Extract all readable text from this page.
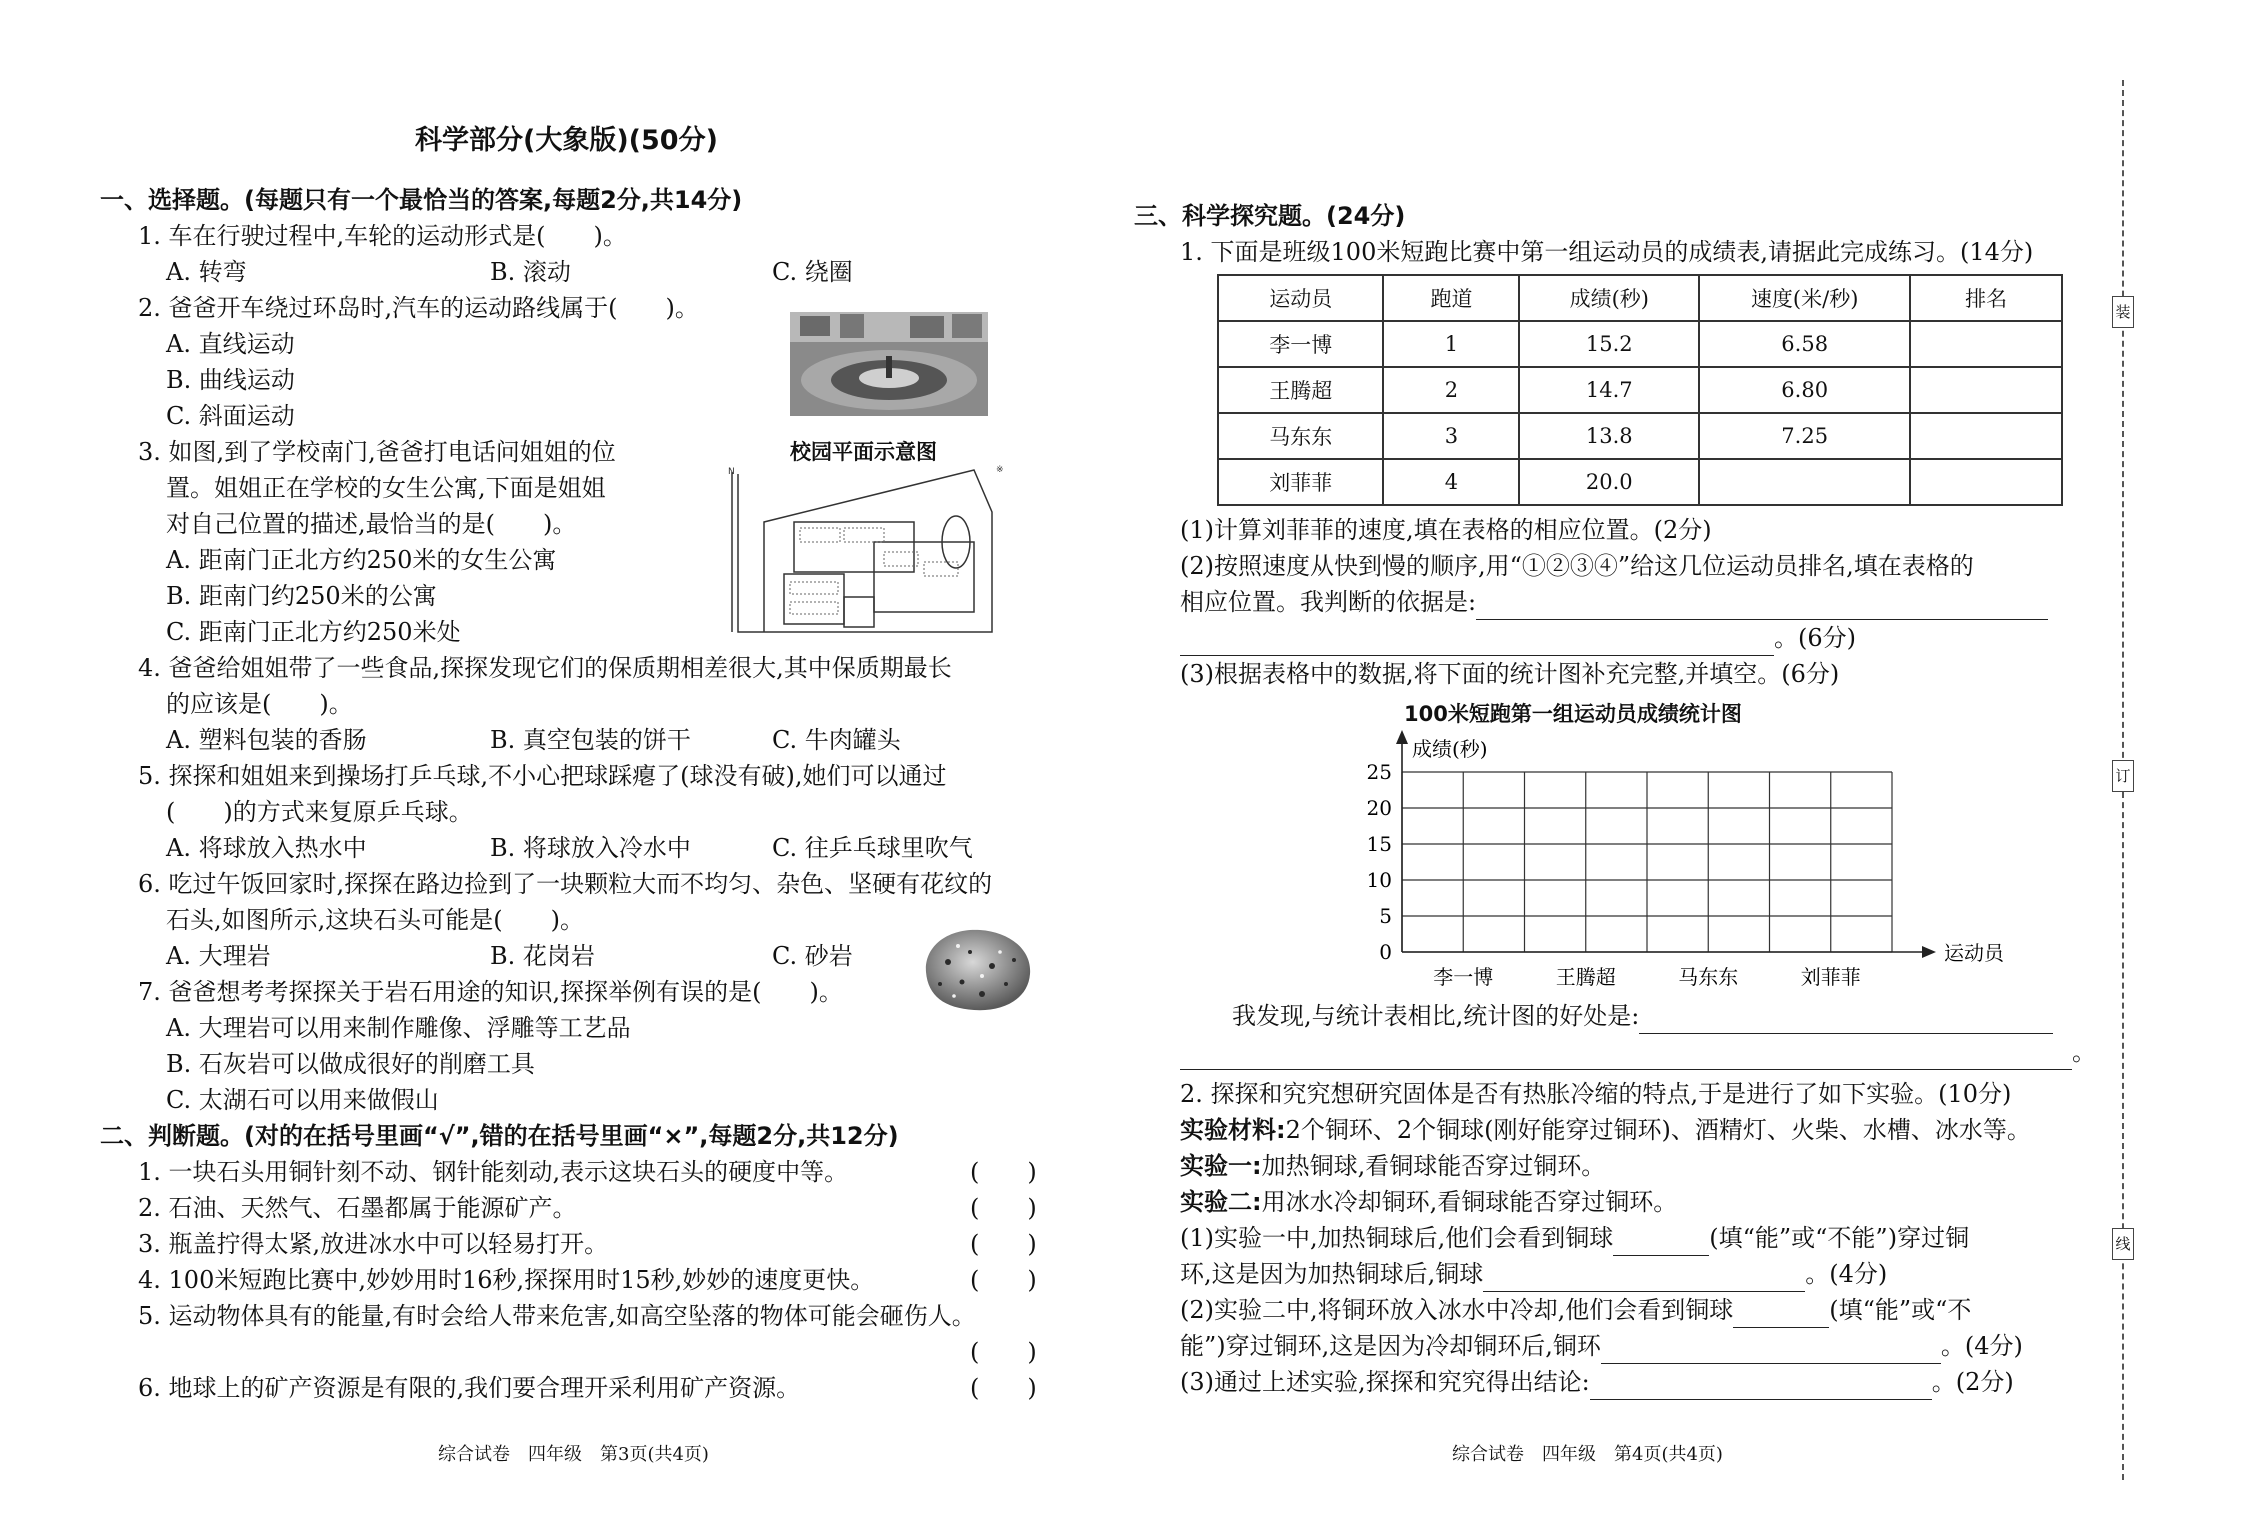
科学部分(大象版)(50分)
一、选择题。(每题只有一个最恰当的答案,每题2分,共14分)
1. 车在行驶过程中,车轮的运动形式是(　　)。
A. 转弯	B. 滚动	C. 绕圈
2. 爸爸开车绕过环岛时,汽车的运动路线属于(　　)。
A. 直线运动
B. 曲线运动
C. 斜面运动
3. 如图,到了学校南门,爸爸打电话问姐姐的位
置。姐姐正在学校的女生公寓,下面是姐姐
对自己位置的描述,最恰当的是(　　)。
A. 距南门正北方约250米的女生公寓
B. 距南门约250米的公寓
C. 距南门正北方约250米处
校园平面示意图
N	※
4. 爸爸给姐姐带了一些食品,探探发现它们的保质期相差很大,其中保质期最长
的应该是(　　)。
A. 塑料包装的香肠	B. 真空包装的饼干	C. 牛肉罐头
5. 探探和姐姐来到操场打乒乓球,不小心把球踩瘪了(球没有破),她们可以通过
(　　)的方式来复原乒乓球。
A. 将球放入热水中	B. 将球放入冷水中	C. 往乒乓球里吹气
6. 吃过午饭回家时,探探在路边捡到了一块颗粒大而不均匀、杂色、坚硬有花纹的
石头,如图所示,这块石头可能是(　　)。
A. 大理岩	B. 花岗岩	C. 砂岩
7. 爸爸想考考探探关于岩石用途的知识,探探举例有误的是(　　)。
A. 大理岩可以用来制作雕像、浮雕等工艺品
B. 石灰岩可以做成很好的削磨工具
C. 太湖石可以用来做假山
二、判断题。(对的在括号里画“√”,错的在括号里画“×”,每题2分,共12分)
1. 一块石头用铜针刻不动、钢针能刻动,表示这块石头的硬度中等。	(　　)
2. 石油、天然气、石墨都属于能源矿产。	(　　)
3. 瓶盖拧得太紧,放进冰水中可以轻易打开。	(　　)
4. 100米短跑比赛中,妙妙用时16秒,探探用时15秒,妙妙的速度更快。	(　　)
5. 运动物体具有的能量,有时会给人带来危害,如高空坠落的物体可能会砸伤人。
(　　)
6. 地球上的矿产资源是有限的,我们要合理开采利用矿产资源。	(　　)
综合试卷　四年级　第3页(共4页)
三、科学探究题。(24分)
1. 下面是班级100米短跑比赛中第一组运动员的成绩表,请据此完成练习。(14分)
运动员	跑道	成绩(秒)	速度(米/秒)	排名
李一博	1	15.2	6.58	
王腾超	2	14.7	6.80	
马东东	3	13.8	7.25	
刘菲菲	4	20.0		
(1)计算刘菲菲的速度,填在表格的相应位置。(2分)
(2)按照速度从快到慢的顺序,用“①②③④”给这几位运动员排名,填在表格的
相应位置。我判断的依据是:
。(6分)
(3)根据表格中的数据,将下面的统计图补充完整,并填空。(6分)
100米短跑第一组运动员成绩统计图
25
20
15
10
5
0
成绩(秒)
运动员
李一博	王腾超	马东东	刘菲菲
我发现,与统计表相比,统计图的好处是:
。
2. 探探和究究想研究固体是否有热胀冷缩的特点,于是进行了如下实验。(10分)
实验材料:2个铜环、2个铜球(刚好能穿过铜环)、酒精灯、火柴、水槽、冰水等。
实验一:加热铜球,看铜球能否穿过铜环。
实验二:用冰水冷却铜环,看铜球能否穿过铜环。
(1)实验一中,加热铜球后,他们会看到铜球	(填“能”或“不能”)穿过铜
环,这是因为加热铜球后,铜球	。(4分)
(2)实验二中,将铜环放入冰水中冷却,他们会看到铜球	(填“能”或“不
能”)穿过铜环,这是因为冷却铜环后,铜环	。(4分)
(3)通过上述实验,探探和究究得出结论:	。(2分)
综合试卷　四年级　第4页(共4页)
装
订
线
